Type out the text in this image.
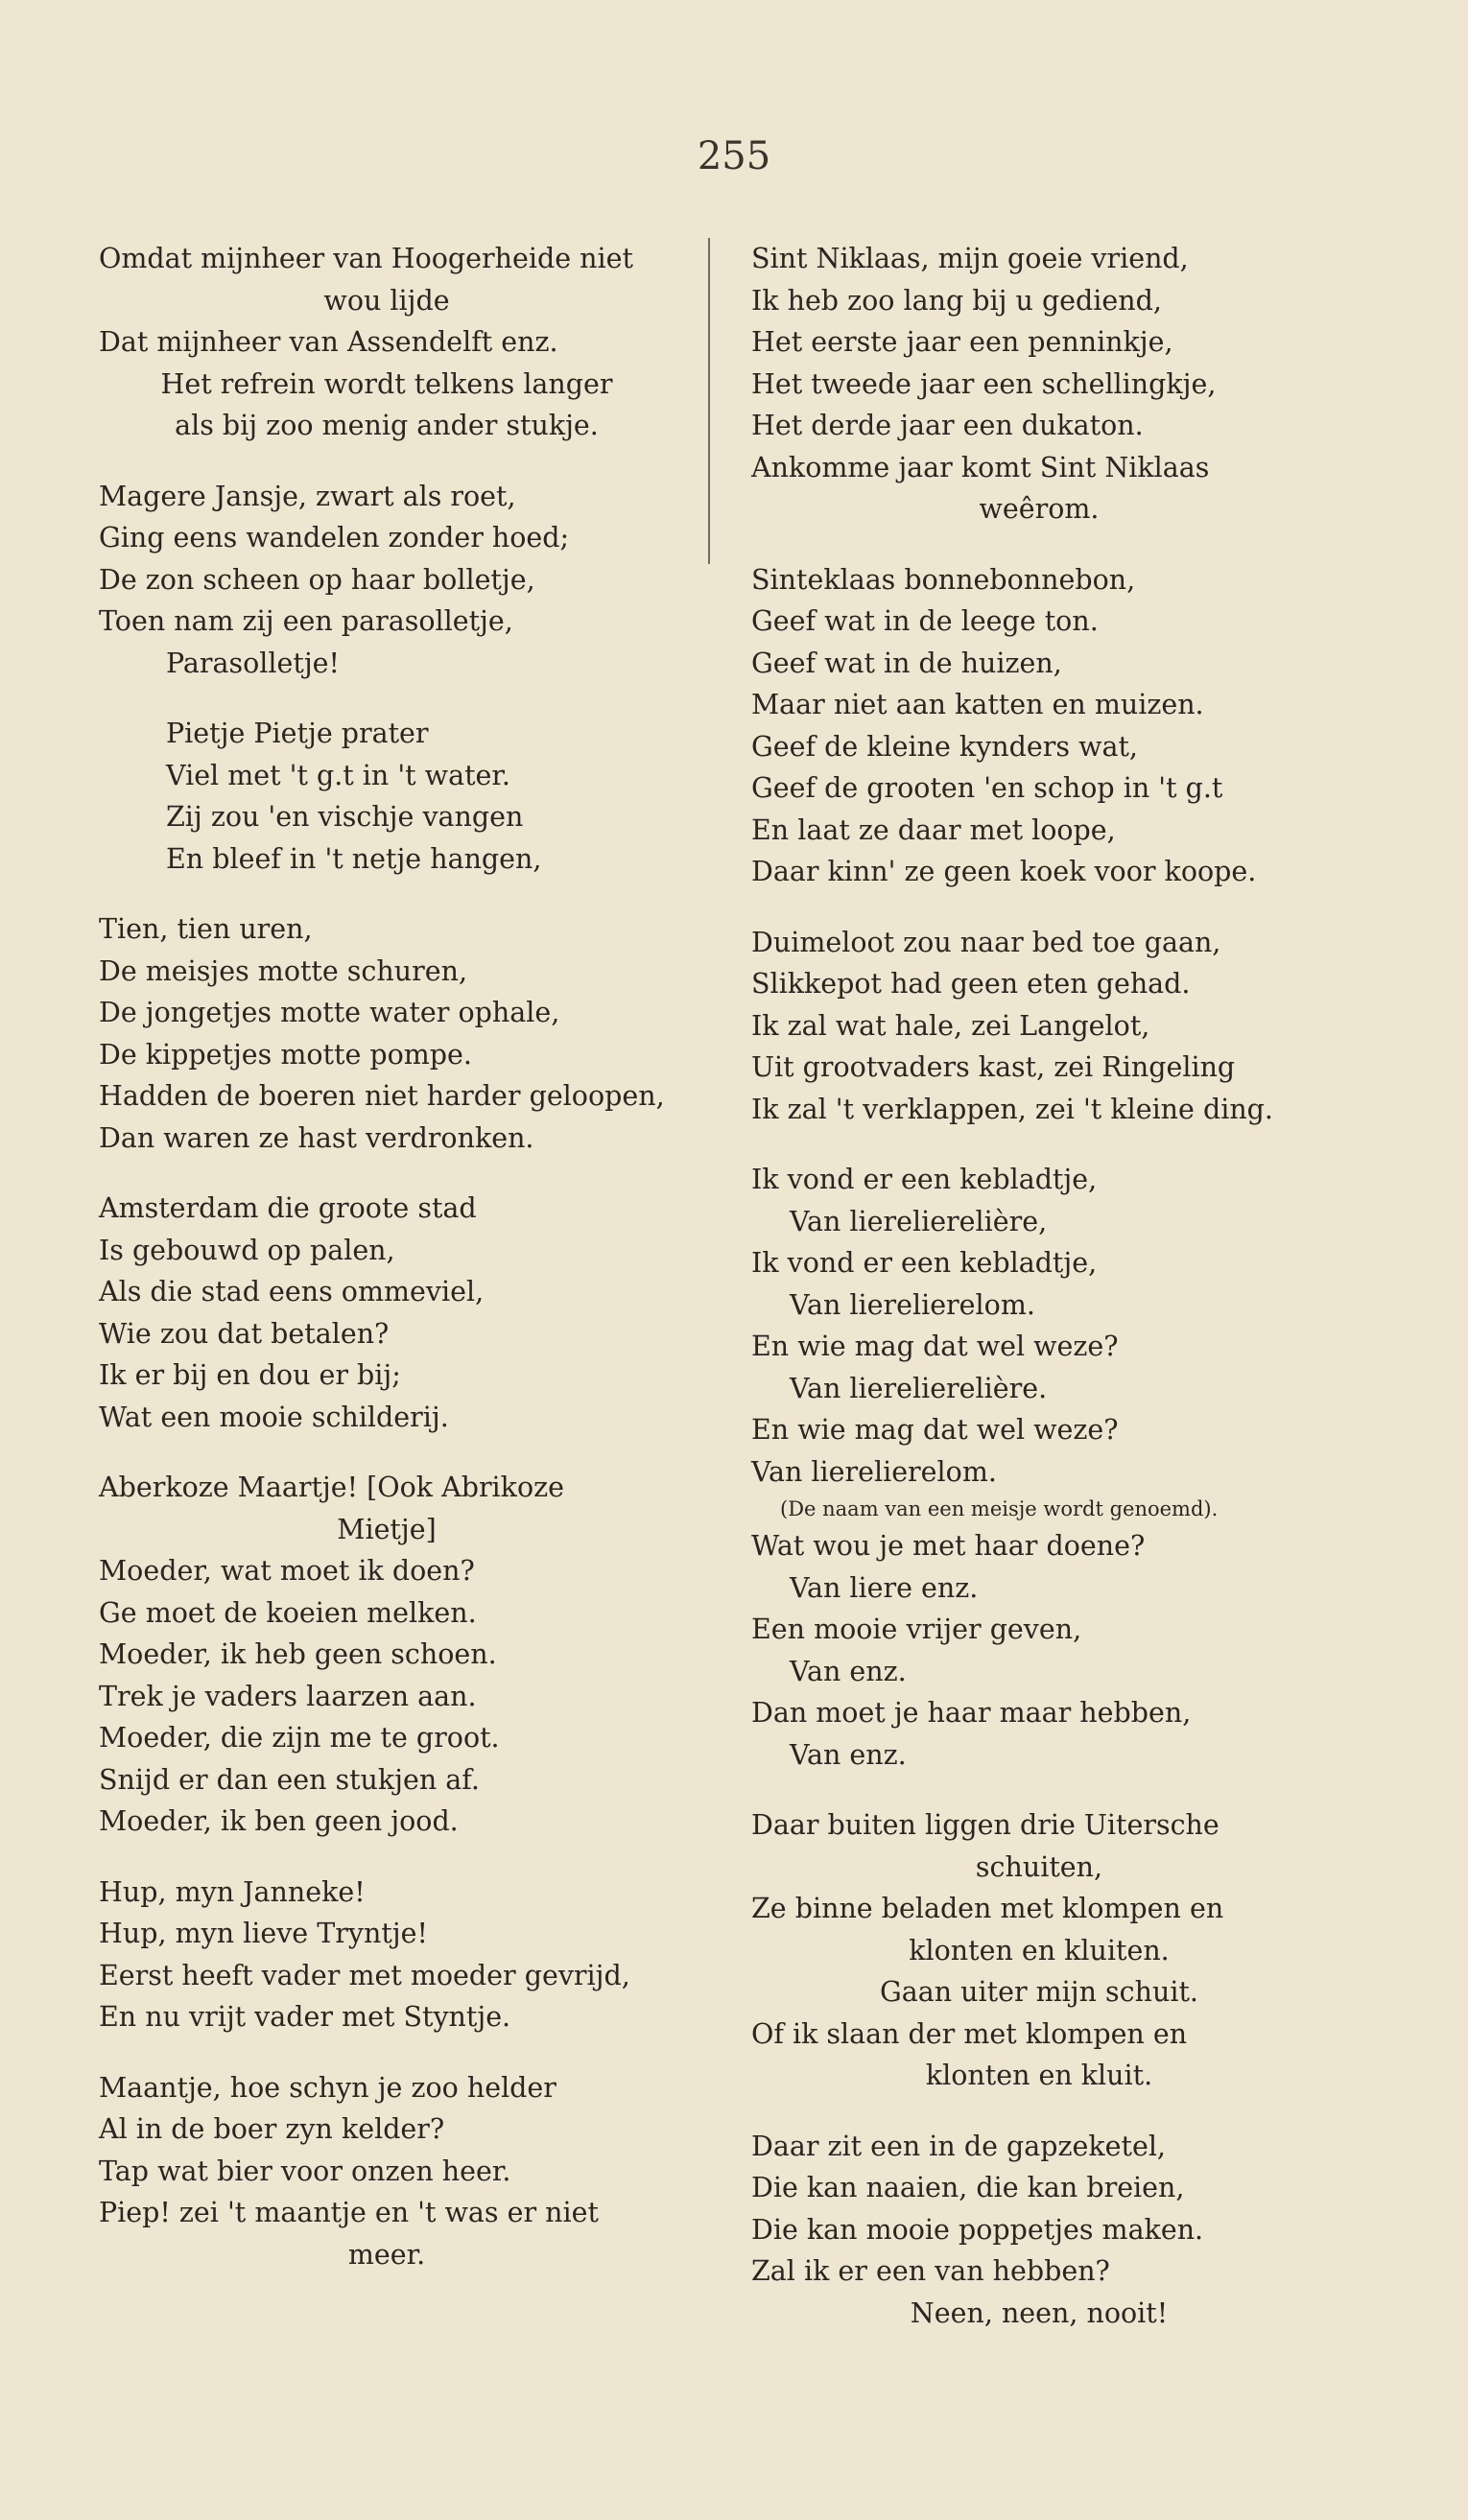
255
Omdat mijnheer van Hoogerheide niet
wou lijde
Dat mijnheer van Assendelft enz.
Het refrein wordt telkens langer
als bij zoo menig ander stukje.
Magere Jansje, zwart als roet,
Ging eens wandelen zonder hoed;
De zon scheen op haar bolletje,
Toen nam zij een parasolletje,
Parasolletje!
Pietje Pietje prater
Viel met 't g.t in 't water.
Zij zou 'en vischje vangen
En bleef in 't netje hangen,
Tien, tien uren,
De meisjes motte schuren,
De jongetjes motte water ophale,
De kippetjes motte pompe.
Hadden de boeren niet harder geloopen,
Dan waren ze hast verdronken.
Amsterdam die groote stad
Is gebouwd op palen,
Als die stad eens ommeviel,
Wie zou dat betalen?
Ik er bij en dou er bij;
Wat een mooie schilderij.
Aberkoze Maartje! [Ook Abrikoze
Mietje]
Moeder, wat moet ik doen?
Ge moet de koeien melken.
Moeder, ik heb geen schoen.
Trek je vaders laarzen aan.
Moeder, die zijn me te groot.
Snijd er dan een stukjen af.
Moeder, ik ben geen jood.
Hup, myn Janneke!
Hup, myn lieve Tryntje!
Eerst heeft vader met moeder gevrijd,
En nu vrijt vader met Styntje.
Maantje, hoe schyn je zoo helder
Al in de boer zyn kelder?
Tap wat bier voor onzen heer.
Piep! zei 't maantje en 't was er niet
meer.
Sint Niklaas, mijn goeie vriend,
Ik heb zoo lang bij u gediend,
Het eerste jaar een penninkje,
Het tweede jaar een schellingkje,
Het derde jaar een dukaton.
Ankomme jaar komt Sint Niklaas
weêrom.
Sinteklaas bonnebonnebon,
Geef wat in de leege ton.
Geef wat in de huizen,
Maar niet aan katten en muizen.
Geef de kleine kynders wat,
Geef de grooten 'en schop in 't g.t
En laat ze daar met loope,
Daar kinn' ze geen koek voor koope.
Duimeloot zou naar bed toe gaan,
Slikkepot had geen eten gehad.
Ik zal wat hale, zei Langelot,
Uit grootvaders kast, zei Ringeling
Ik zal 't verklappen, zei 't kleine ding.
Ik vond er een kebladtje,
Van lierelierelière,
Ik vond er een kebladtje,
Van lierelierelom.
En wie mag dat wel weze?
Van lierelierelière.
En wie mag dat wel weze?
Van lierelierelom.
(De naam van een meisje wordt genoemd).
Wat wou je met haar doene?
Van liere enz.
Een mooie vrijer geven,
Van enz.
Dan moet je haar maar hebben,
Van enz.
Daar buiten liggen drie Uitersche
schuiten,
Ze binne beladen met klompen en
klonten en kluiten.
Gaan uiter mijn schuit.
Of ik slaan der met klompen en
klonten en kluit.
Daar zit een in de gapzeketel,
Die kan naaien, die kan breien,
Die kan mooie poppetjes maken.
Zal ik er een van hebben?
Neen, neen, nooit!
